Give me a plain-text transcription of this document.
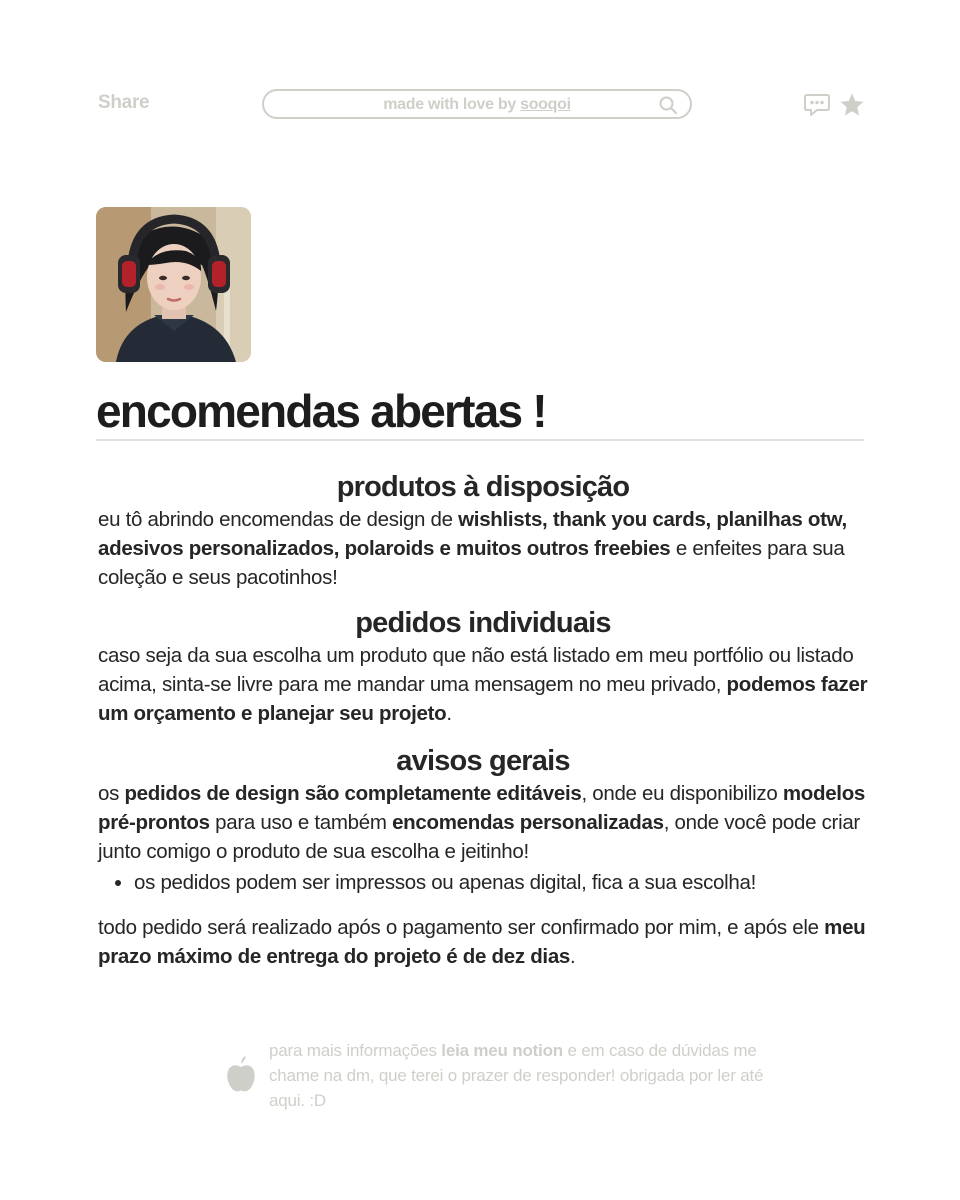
Share	made with love by sooqoi
encomendas abertas !
produtos à disposição

eu tô abrindo encomendas de design de wishlists, thank you cards, planilhas otw, adesivos personalizados, polaroids e muitos outros freebies e enfeites para sua coleção e seus pacotinhos!

pedidos individuais

caso seja da sua escolha um produto que não está listado em meu portfólio ou listado acima, sinta-se livre para me mandar uma mensagem no meu privado, podemos fazer um orçamento e planejar seu projeto.

avisos gerais

os pedidos de design são completamente editáveis, onde eu disponibilizo modelos pré-prontos para uso e também encomendas personalizadas, onde você pode criar junto comigo o produto de sua escolha e jeitinho!

• os pedidos podem ser impressos ou apenas digital, fica a sua escolha!

todo pedido será realizado após o pagamento ser confirmado por mim, e após ele meu prazo máximo de entrega do projeto é de dez dias.

para mais informações leia meu notion e em caso de dúvidas me chame na dm, que terei o prazer de responder! obrigada por ler até aqui. :D
